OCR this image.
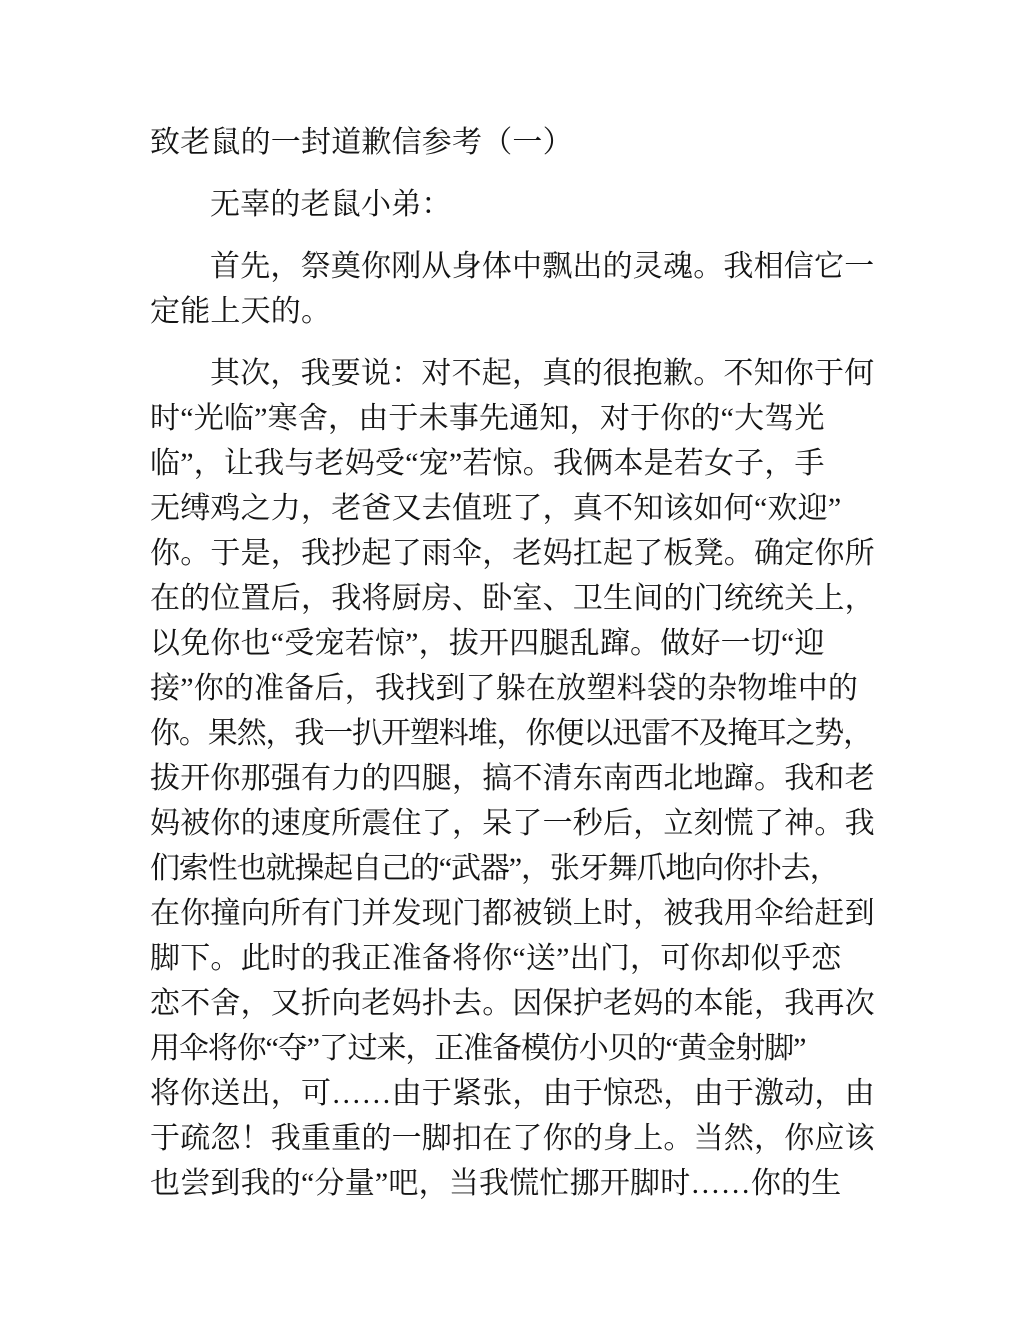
致老鼠的一封道歉信参考（一）
无辜的老鼠小弟：
首先，祭奠你刚从身体中飘出的灵魂。我相信它一
定能上天的。
其次，我要说：对不起，真的很抱歉。不知你于何
时“光临”寒舍，由于未事先通知，对于你的“大驾光
临”，让我与老妈受“宠”若惊。我俩本是若女子，手
无缚鸡之力，老爸又去值班了，真不知该如何“欢迎”
你。于是，我抄起了雨伞，老妈扛起了板凳。确定你所
在的位置后，我将厨房、卧室、卫生间的门统统关上，
以免你也“受宠若惊”，拔开四腿乱蹿。做好一切“迎
接”你的准备后，我找到了躲在放塑料袋的杂物堆中的
你。果然，我一扒开塑料堆，你便以迅雷不及掩耳之势，
拔开你那强有力的四腿，搞不清东南西北地蹿。我和老
妈被你的速度所震住了，呆了一秒后，立刻慌了神。我
们索性也就操起自己的“武器”，张牙舞爪地向你扑去，
在你撞向所有门并发现门都被锁上时，被我用伞给赶到
脚下。此时的我正准备将你“送”出门，可你却似乎恋
恋不舍，又折向老妈扑去。因保护老妈的本能，我再次
用伞将你“夺”了过来，正准备模仿小贝的“黄金射脚”
将你送出，可……由于紧张，由于惊恐，由于激动，由
于疏忽！我重重的一脚扣在了你的身上。当然，你应该
也尝到我的“分量”吧，当我慌忙挪开脚时……你的生
